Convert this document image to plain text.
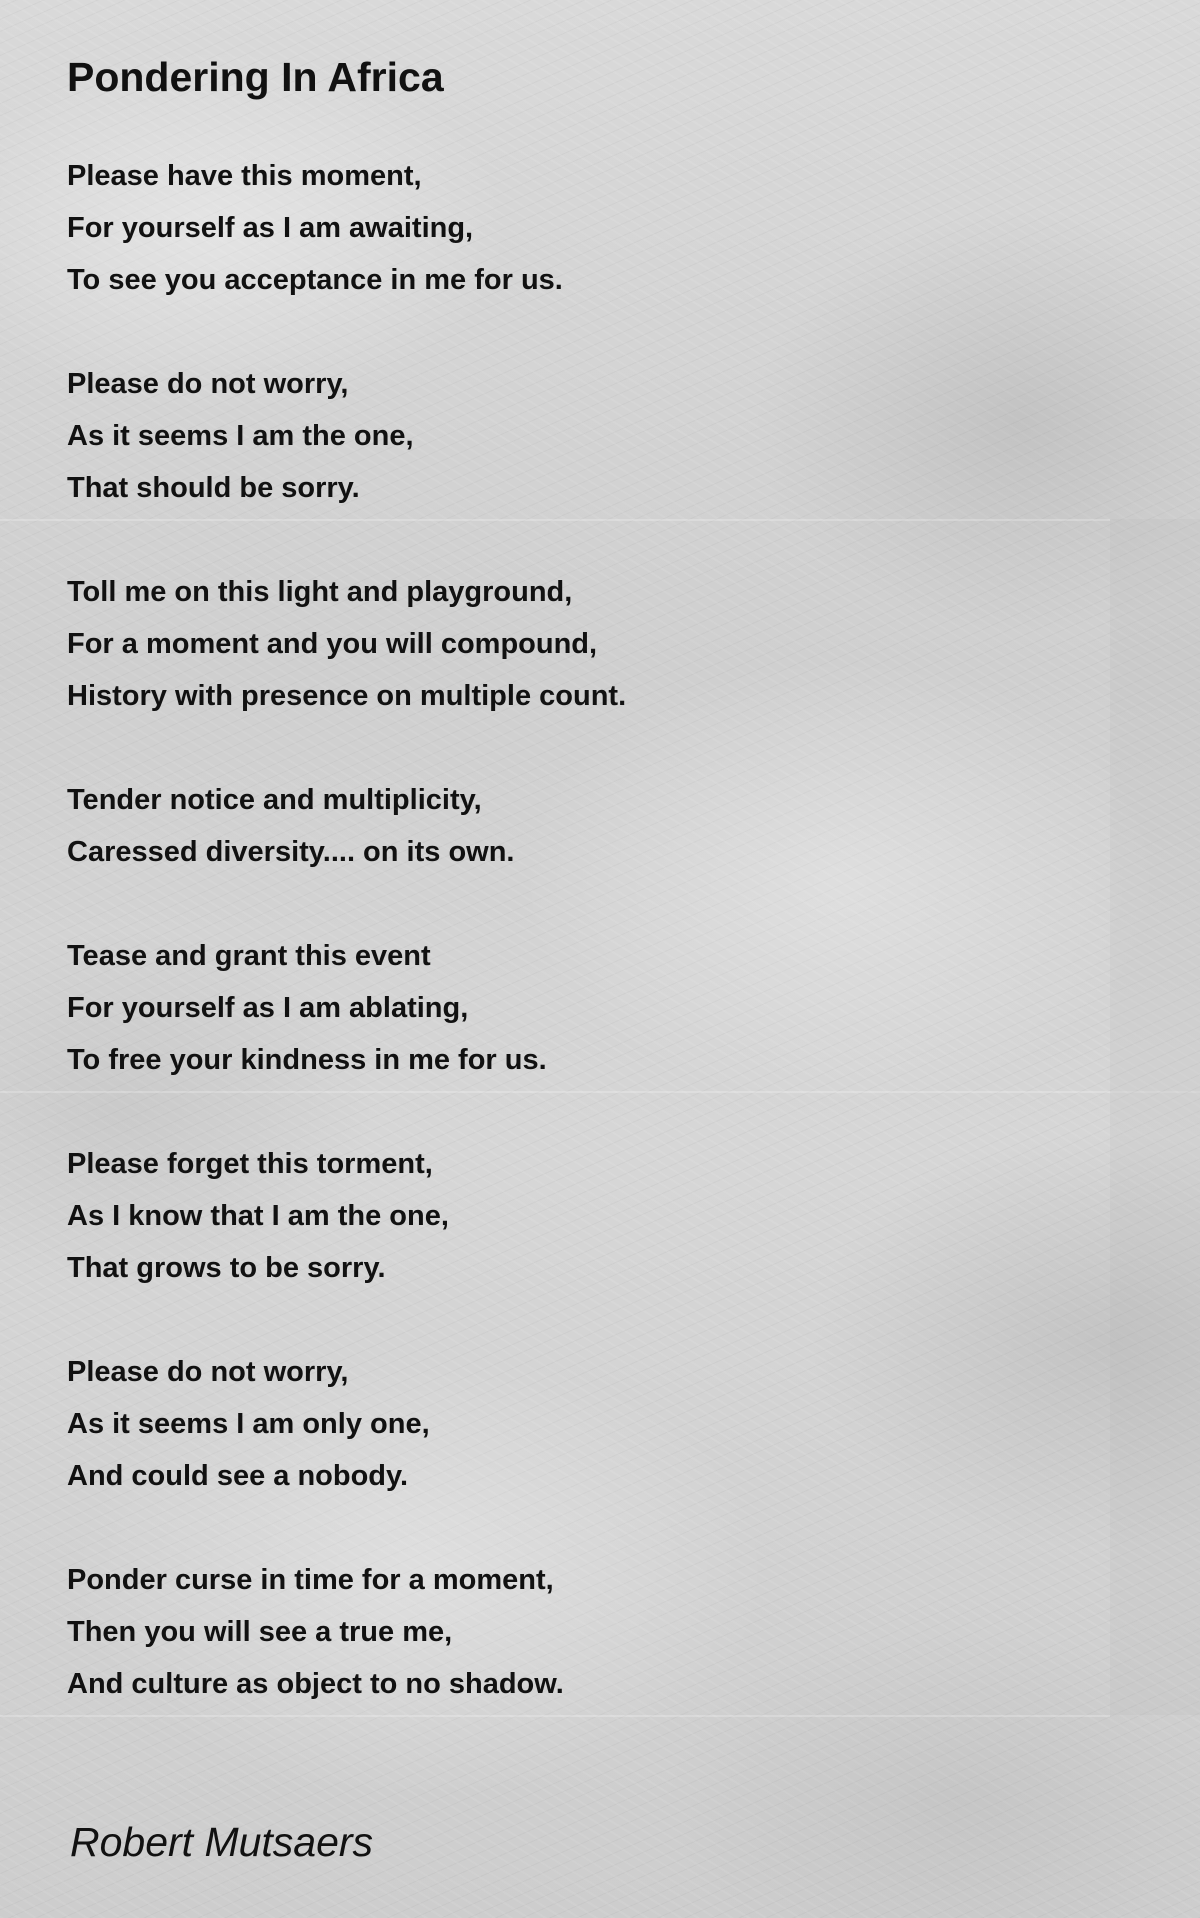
Pondering In Africa
Please have this moment,
For yourself as I am awaiting,
To see you acceptance in me for us.
Please do not worry,
As it seems I am the one,
That should be sorry.
Toll me on this light and playground,
For a moment and you will compound,
History with presence on multiple count.
Tender notice and multiplicity,
Caressed diversity.... on its own.
Tease and grant this event
For yourself as I am ablating,
To free your kindness in me for us.
Please forget this torment,
As I know that I am the one,
That grows to be sorry.
Please do not worry,
As it seems I am only one,
And could see a nobody.
Ponder curse in time for a moment,
Then you will see a true me,
And culture as object to no shadow.

Robert Mutsaers
